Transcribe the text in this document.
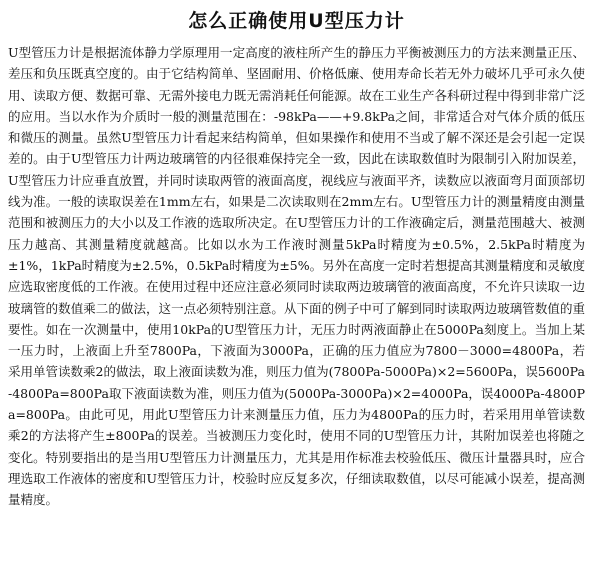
怎么正确使用U型压力计

U型管压力计是根据流体静力学原理用一定高度的液柱所产生的静压力平衡被测压力的方法来测量正压、差压和负压既真空度的。由于它结构简单、坚固耐用、价格低廉、使用寿命长若无外力破坏几乎可永久使用、读取方便、数据可靠、无需外接电力既无需消耗任何能源。故在工业生产各科研过程中得到非常广泛的应用。当以水作为介质时一般的测量范围在：-98kPa——+9.8kPa之间，非常适合对气体介质的低压和微压的测量。虽然U型管压力计看起来结构简单，但如果操作和使用不当或了解不深还是会引起一定误差的。由于U型管压力计两边玻璃管的内径很难保持完全一致，因此在读取数值时为限制引入附加误差，U型管压力计应垂直放置，并同时读取两管的液面高度，视线应与液面平齐，读数应以液面弯月面顶部切线为准。一般的读取误差在1mm左右，如果是二次读取则在2mm左右。U型管压力计的测量精度由测量范围和被测压力的大小以及工作液的选取所决定。在U型管压力计的工作液确定后，测量范围越大、被测压力越高、其测量精度就越高。比如以水为工作液时测量5kPa时精度为±0.5%，2.5kPa时精度为±1%，1kPa时精度为±2.5%，0.5kPa时精度为±5%。另外在高度一定时若想提高其测量精度和灵敏度应选取密度低的工作液。在使用过程中还应注意必须同时读取两边玻璃管的液面高度，不允许只读取一边玻璃管的数值乘二的做法，这一点必须特别注意。从下面的例子中可了解到同时读取两边玻璃管数值的重要性。如在一次测量中，使用10kPa的U型管压力计，无压力时两液面静止在5000Pa刻度上。当加上某一压力时，上液面上升至7800Pa，下液面为3000Pa，正确的压力值应为7800－3000=4800Pa，若采用单管读数乘2的做法，取上液面读数为准，则压力值为(7800Pa-5000Pa)×2=5600Pa，误5600Pa-4800Pa=800Pa取下液面读数为准，则压力值为(5000Pa-3000Pa)×2=4000Pa，误4000Pa-4800Pa=800Pa。由此可见，用此U型管压力计来测量压力值，压力为4800Pa的压力时，若采用用单管读数乘2的方法将产生±800Pa的误差。当被测压力变化时，使用不同的U型管压力计，其附加误差也将随之变化。特别要指出的是当用U型管压力计测量压力，尤其是用作标准去校验低压、微压计量器具时，应合理选取工作液体的密度和U型管压力计，校验时应反复多次，仔细读取数值，以尽可能减小误差，提高测量精度。
